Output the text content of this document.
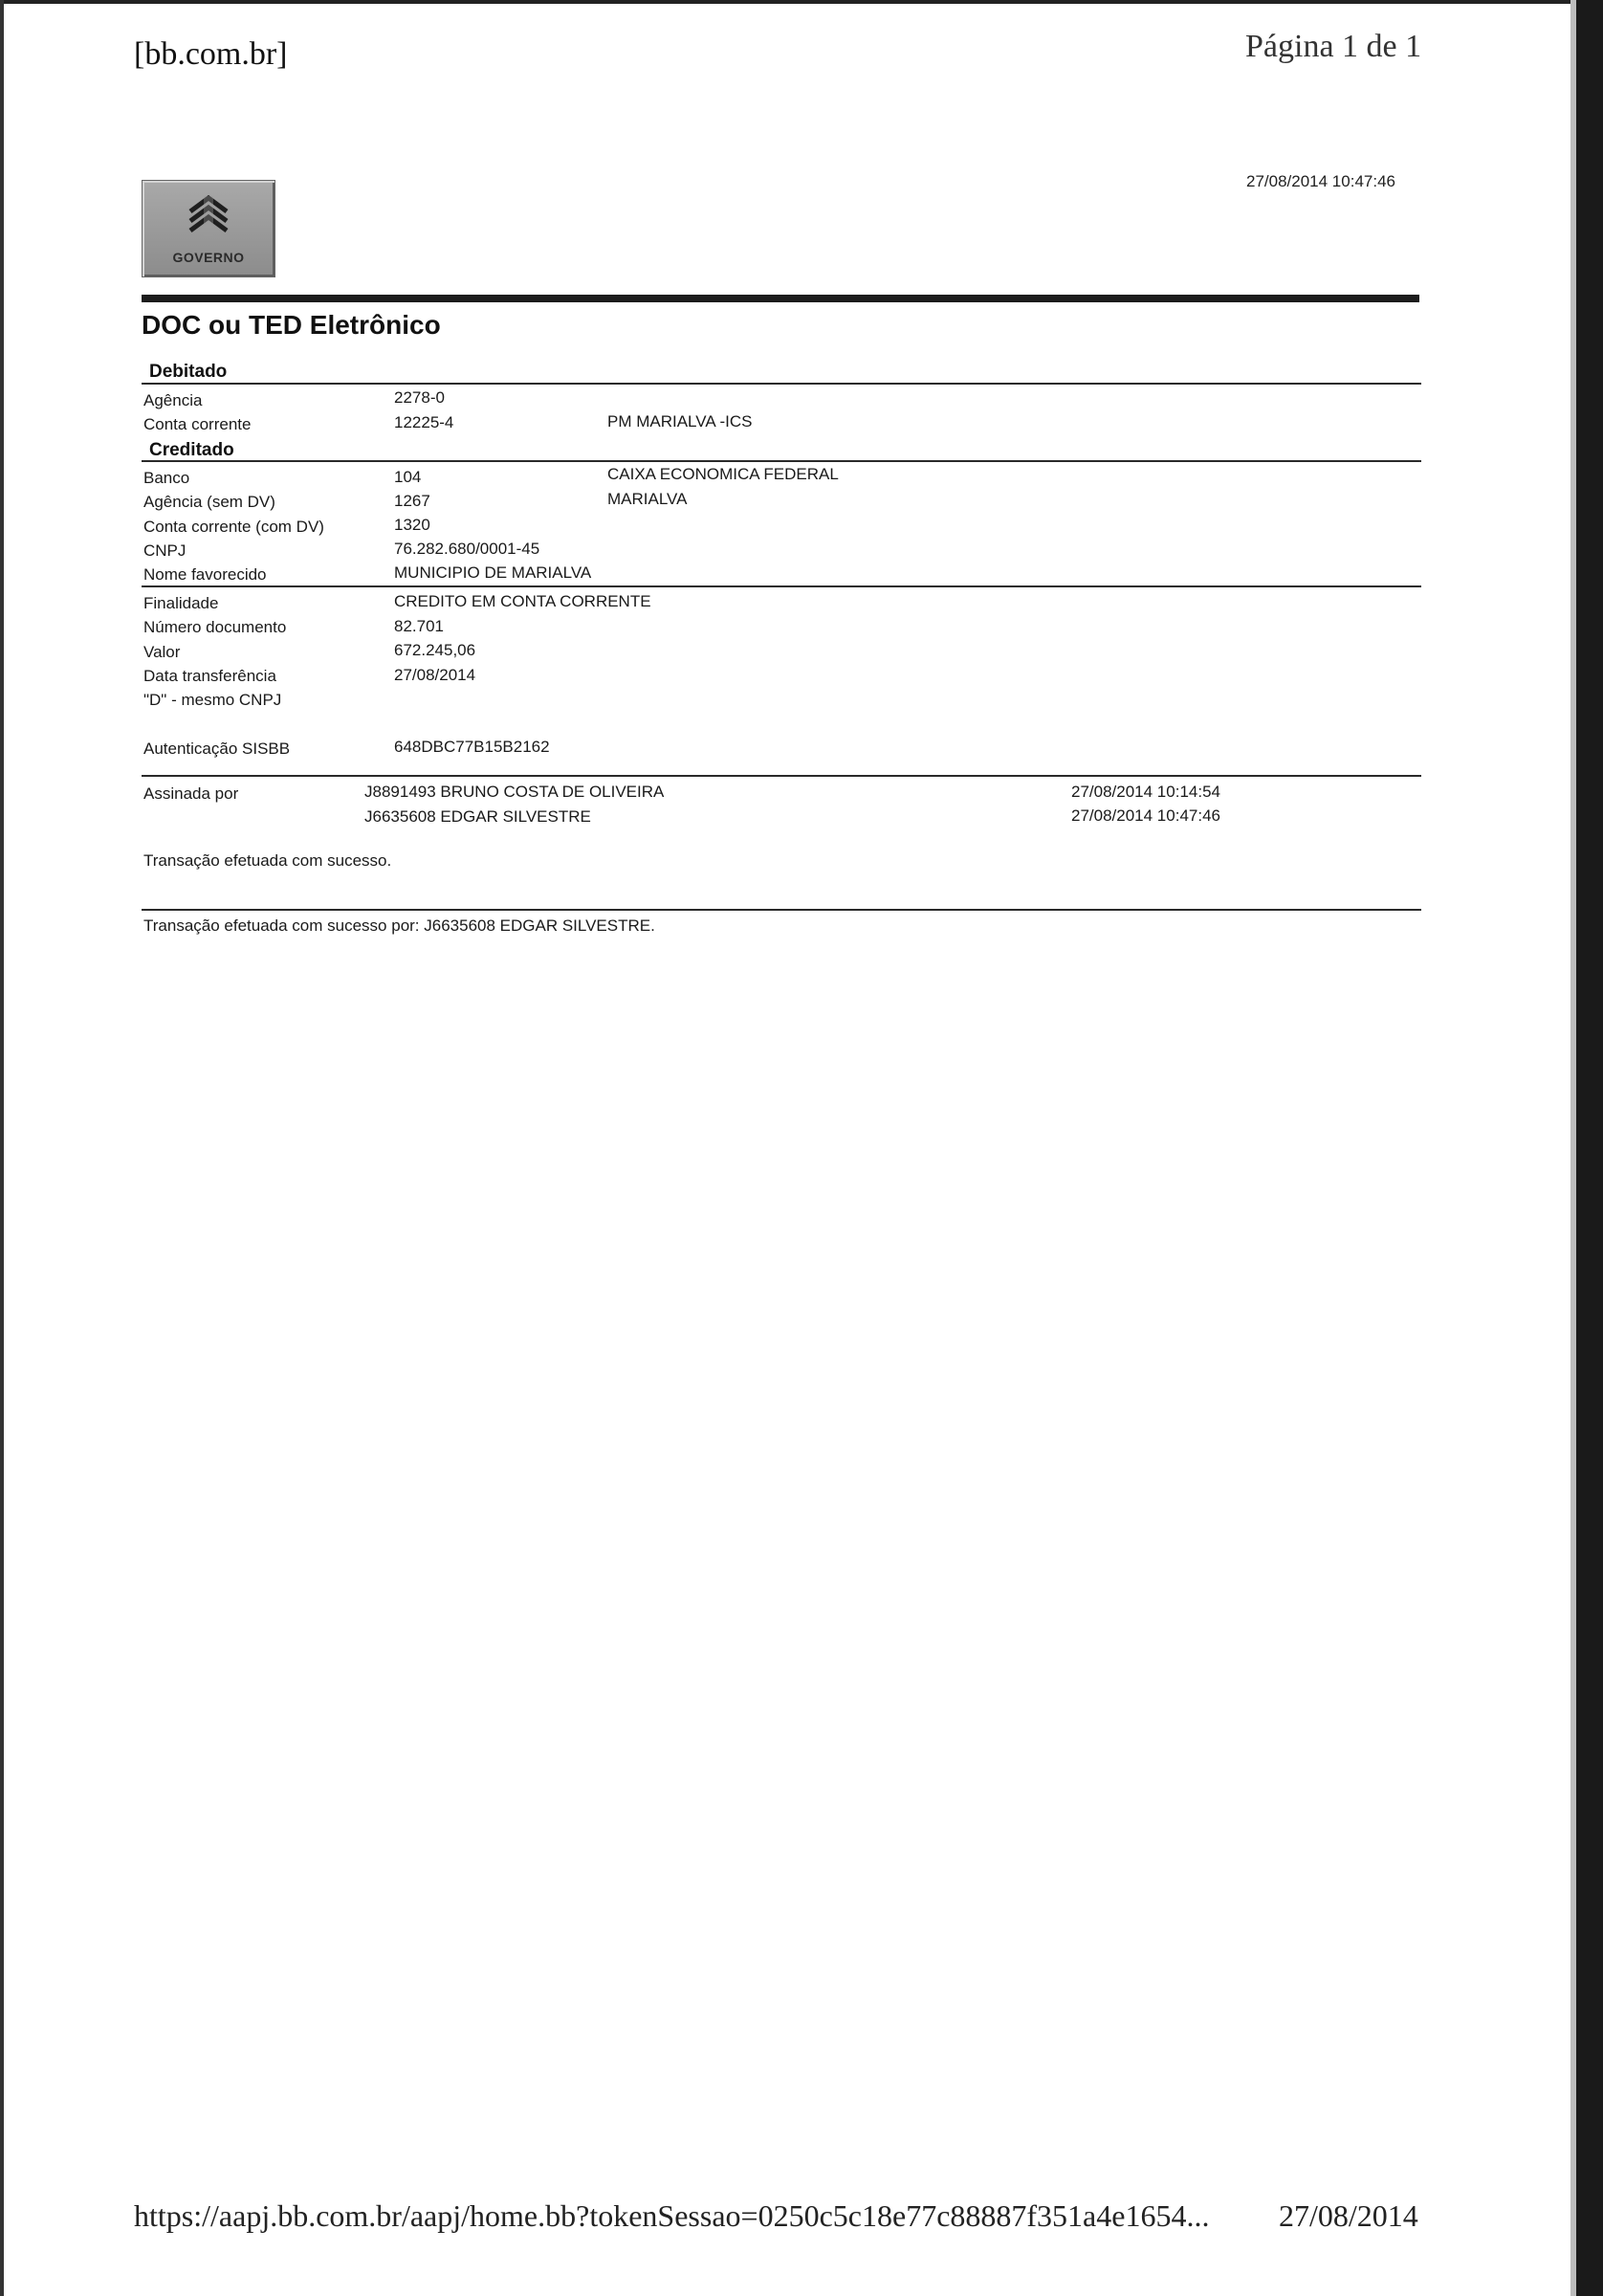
[bb.com.br]	Página 1 de 1
27/08/2014 10:47:46
GOVERNO
DOC ou TED Eletrônico
Debitado
Agência	2278-0
Conta corrente	12225-4	PM MARIALVA -ICS
Creditado
Banco	104	CAIXA ECONOMICA FEDERAL
Agência (sem DV)	1267	MARIALVA
Conta corrente (com DV)	1320
CNPJ	76.282.680/0001-45
Nome favorecido	MUNICIPIO DE MARIALVA
Finalidade	CREDITO EM CONTA CORRENTE
Número documento	82.701
Valor	672.245,06
Data transferência	27/08/2014
"D" - mesmo CNPJ
Autenticação SISBB	648DBC77B15B2162
Assinada por	J8891493 BRUNO COSTA DE OLIVEIRA	27/08/2014 10:14:54
J6635608 EDGAR SILVESTRE	27/08/2014 10:47:46
Transação efetuada com sucesso.
Transação efetuada com sucesso por: J6635608 EDGAR SILVESTRE.
https://aapj.bb.com.br/aapj/home.bb?tokenSessao=0250c5c18e77c88887f351a4e1654... 27/08/2014
